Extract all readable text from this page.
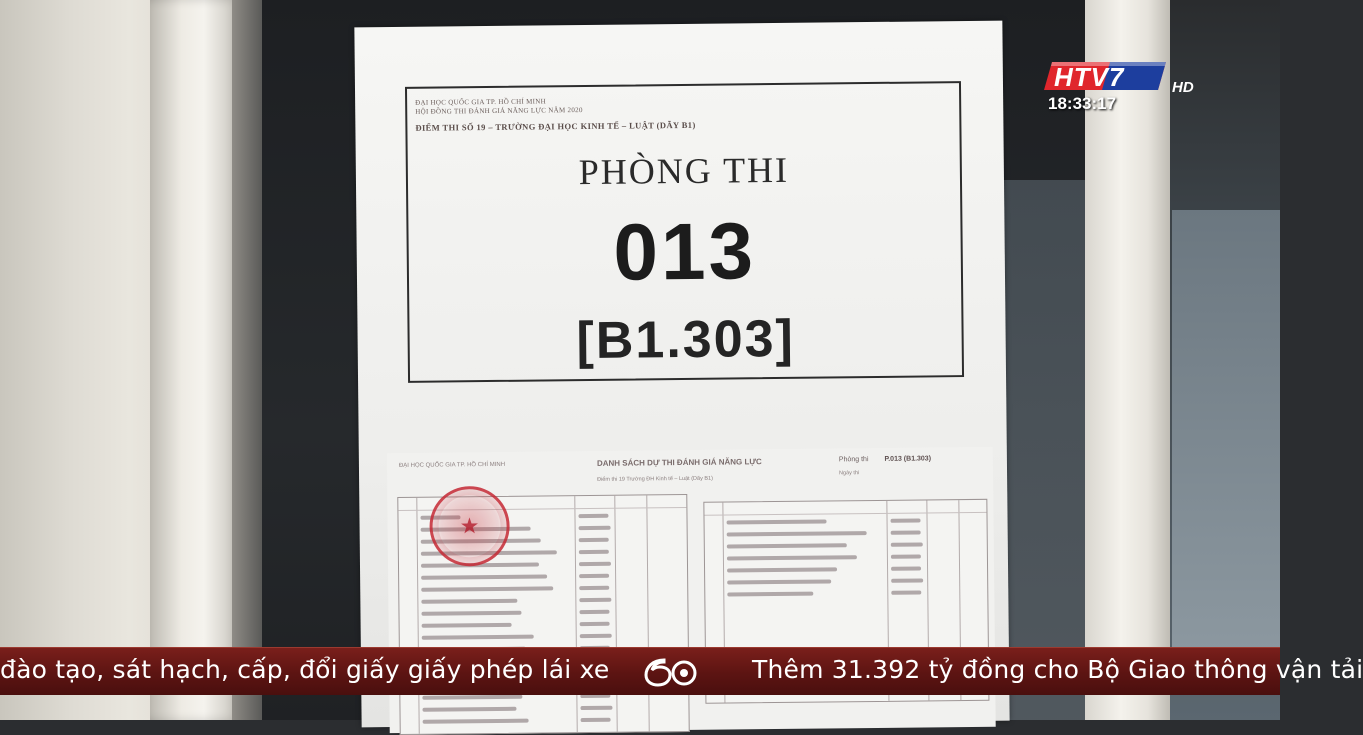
ĐẠI HỌC QUỐC GIA TP. HỒ CHÍ MINH
HỘI ĐỒNG THI ĐÁNH GIÁ NĂNG LỰC NĂM 2020
ĐIỂM THI SỐ 19 – TRƯỜNG ĐẠI HỌC KINH TẾ – LUẬT (DÃY B1)
PHÒNG THI
013
[B1.303]
ĐẠI HỌC QUỐC GIA TP. HỒ CHÍ MINH	DANH SÁCH DỰ THI ĐÁNH GIÁ NĂNG LỰC	Phòng thi P.013 (B1.303)
Điểm thi 19 Trường ĐH Kinh tế – Luật (Dãy B1)
Ngày thi
★
HTV7	HD
18:33:17
đào tạo, sát hạch, cấp, đổi giấy giấy phép lái xe	Thêm 31.392 tỷ đồng cho Bộ Giao thông vận tải
